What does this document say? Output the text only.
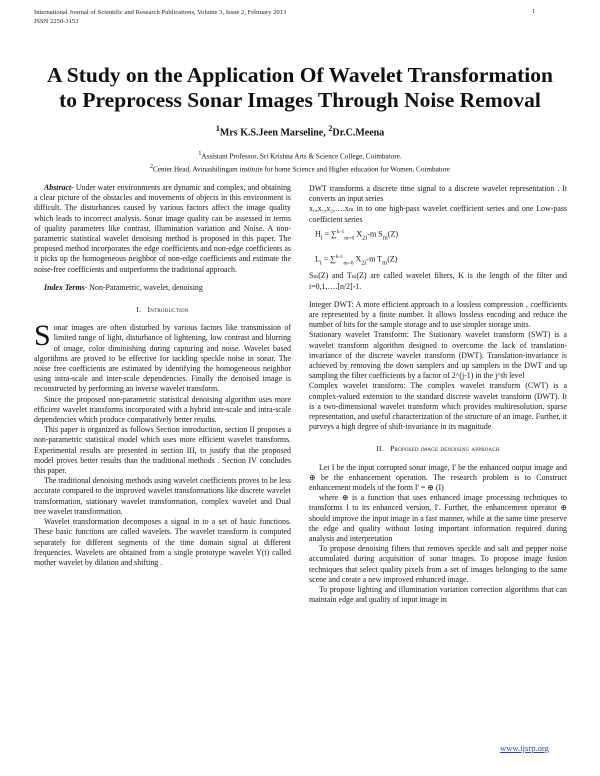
International Journal of Scientific and Research Publications, Volume 3, Issue 2, February 2013
ISSN 2250-3153
1
A Study on the Application Of Wavelet Transformation
to Preprocess Sonar Images Through Noise Removal
$^1$Mrs K.S.Jeen Marseline, $^2$Dr.C.Meena
$^1$Assistant Professor, Sri Krishna Arts & Science College, Coimbatore.
$^2$Center Head, Avinashilingam institute for home Science and Higher education for Women, Coimbatore

Abstract- Under water environments are dynamic and complex, and obtaining a clear picture of the obstacles and movements of objects in this environment is difficult. The disturbances caused by various factors affect the image quality which leads to incorrect analysis. Sonar image quality can be assessed in terms of quality parameters like contrast, illumination variation and Noise. A non-parametric statistical wavelet denoising method is proposed in this paper. The proposed method incorporates the edge coefficients and non-edge coefficients as it picks up the homogeneous neighbor of non-edge coefficients and estimate the noise-free coefficients and outperforms the traditional approach.

Index Terms- Non-Parametric, wavelet, denoising

I. Introduction

Sonar images are often disturbed by various factors like transmission of limited range of light, disturbance of lightening, low contrast and blurring of image, color diminishing during capturing and noise. Wavelet based algorithms are proved to be effective for tackling speckle noise in sonar. The noise free coefficients are estimated by identifying the homogeneous neighbor using intra-scale and inter-scale dependencies. Finally the denoised image is reconstructed by performing an inverse wavelet transform.

Since the proposed non-parametric statistical denoising algorithm uses more efficient wavelet transforms incorporated with a hybrid intr-scale and intra-scale dependencies which produce comparatively better results.

This paper is organized as follows Section introduction, section II proposes a non-parametric statistical model which uses more efficient wavelet transforms. Experimental results are presented in section III, to justify that the proposed model proves better results than the traditional methods . Section IV concludes this paper.

The traditional denoising methods using wavelet coefficients proves to be less accurate compared to the improved wavelet transformations like discrete wavelet transformation, stationary wavelet transformation, complex wavelet and Dual tree wavelet transformation.

Wavelet transformation decomposes a signal in to a set of basic functions. These basic functions are called wavelets. The wavelet transform is computed separately for different segments of the time domain signal at different frequencies. Wavelets are obtained from a single prototype wavelet Y(t) called mother wavelet by dilation and shifting .

DWT transforms a discrete time signal to a discrete wavelet representation . It converts an input series

x₀,x₁,x₂,….xₘ in to one high-pass wavelet coefficient series and one Low-pass coefficient series

$H_i = \sum^{k-1}_{m=0}$ $X_{2i}-m$ $S_m(Z)$
$L_i = \sum^{k-1}_{m=0}$ $X_{2i}-m$ $T_m(Z)$

Sₘ(Z) and Tₘ(Z) are called wavelet filters, K is the length of the filter and i=0,1,….[n/2]-1.

Integer DWT: A more efficient approach to a lossless compression , coefficients are represented by a finite number. It allows lossless encoding and reduce the number of bits for the sample storage and to use simpler storage units.

Stationary wavelet Transform: The Stationary wavelet transform (SWT) is a wavelet transform algorithm designed to overcome the lack of translation-invariance of the discrete wavelet transform (DWT). Translation-invariance is achieved by removing the down samplers and up samplers in the DWT and up sampling the filter coefficients by a factor of 2^(j-1) in the j^th level

Complex wavelet transform: The complex wavelet transform (CWT) is a complex-valued extension to the standard discrete wavelet transform (DWT). It is a two-dimensional wavelet transform which provides multiresolution, sparse representation, and useful characterization of the structure of an image. Further, it purveys a high degree of shift-invariance in its magnitude

II. Proposed image denoising approach

Let I be the input corrupted sonar image, I' be the enhanced output image and ⊕ be the enhancement operation. The research problem is to Construct enhancement models of the form I' = ⊕ (I)

where ⊕ is a function that uses enhanced image processing techniques to transforms I to its enhanced version, I'. Further, the enhancement operator ⊕ should improve the input image in a fast manner, while at the same time preserve the edge and quality without losing important information required during analysis and interpretation

To propose denoising filters that removes speckle and salt and pepper noise accumulated during acquisition of sonar images. To propose image fusion techniques that select quality pixels from a set of images belonging to the same scene and create a new improved enhanced image.

To propose lighting and illumination variation correction algorithms that can maintain edge and quality of input image in

www.ijsrp.org
